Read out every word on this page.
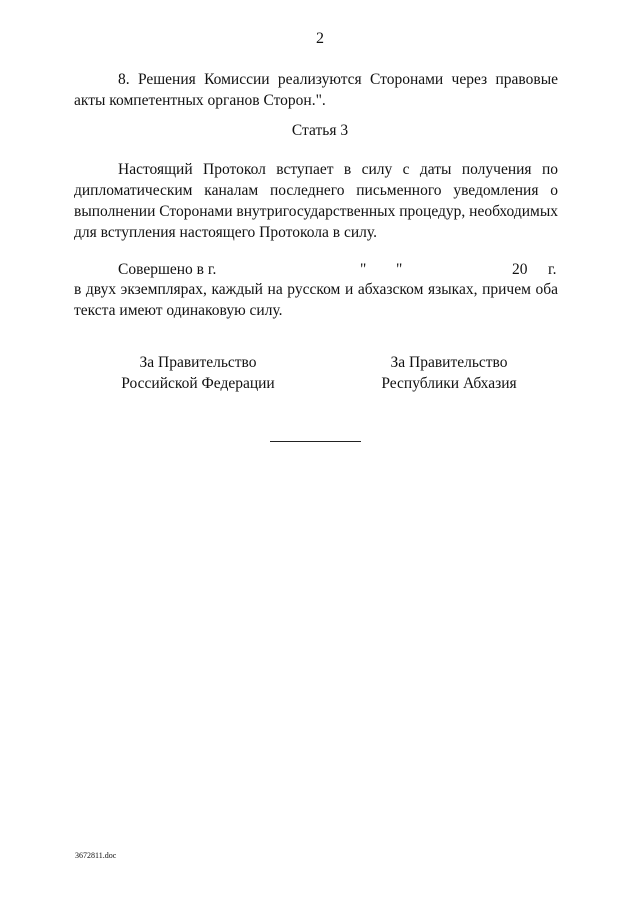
2
8. Решения Комиссии реализуются Сторонами через правовые акты компетентных органов Сторон.".
Статья 3
Настоящий Протокол вступает в силу с даты получения по дипломатическим каналам последнего письменного уведомления о выполнении Сторонами внутригосударственных процедур, необходимых для вступления настоящего Протокола в силу.
Совершено в г.	" "	20 г.
в двух экземплярах, каждый на русском и абхазском языках, причем оба текста имеют одинаковую силу.
За Правительство
Российской Федерации
За Правительство
Республики Абхазия
3672811.doc
